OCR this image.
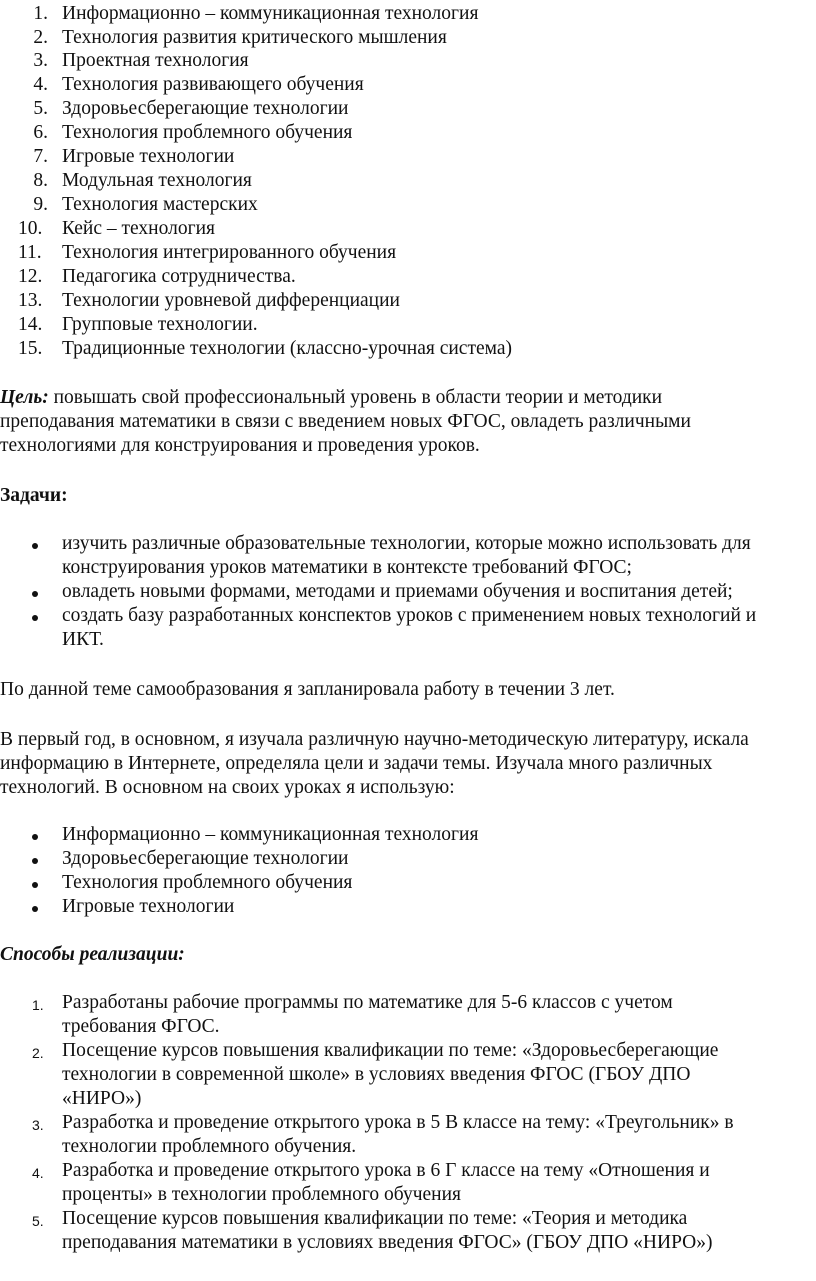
1. Информационно – коммуникационная технология
2. Технология развития критического мышления
3. Проектная технология
4. Технология развивающего обучения
5. Здоровьесберегающие технологии
6. Технология проблемного обучения
7. Игровые технологии
8. Модульная технология
9. Технология мастерских
10.	Кейс – технология
11.	Технология интегрированного обучения
12.	Педагогика сотрудничества.
13.	Технологии уровневой дифференциации
14.	Групповые технологии.
15.	Традиционные технологии (классно-урочная система)
Цель: повышать свой профессиональный уровень в области теории и методики
преподавания математики в связи с введением новых ФГОС, овладеть различными
технологиями для конструирования и проведения уроков.
Задачи:
изучить различные образовательные технологии, которые можно использовать для
конструирования уроков математики в контексте требований ФГОС;
овладеть новыми формами, методами и приемами обучения и воспитания детей;
создать базу разработанных конспектов уроков с применением новых технологий и
ИКТ.
По данной теме самообразования я запланировала работу в течении 3 лет.
В первый год, в основном, я изучала различную научно-методическую литературу, искала
информацию в Интернете, определяла цели и задачи темы. Изучала много различных
технологий. В основном на своих уроках я использую:
Информационно – коммуникационная технология
Здоровьесберегающие технологии
Технология проблемного обучения
Игровые технологии
Способы реализации:
1. Разработаны рабочие программы по математике для 5-6 классов с учетом
требования ФГОС.
2. Посещение курсов повышения квалификации по теме: «Здоровьесберегающие
технологии в современной школе» в условиях введения ФГОС (ГБОУ ДПО
«НИРО»)
3. Разработка и проведение открытого урока в 5 В классе на тему: «Треугольник» в
технологии проблемного обучения.
4. Разработка и проведение открытого урока в 6 Г классе на тему «Отношения и
проценты» в технологии проблемного обучения
5. Посещение курсов повышения квалификации по теме: «Теория и методика
преподавания математики в условиях введения ФГОС» (ГБОУ ДПО «НИРО»)
